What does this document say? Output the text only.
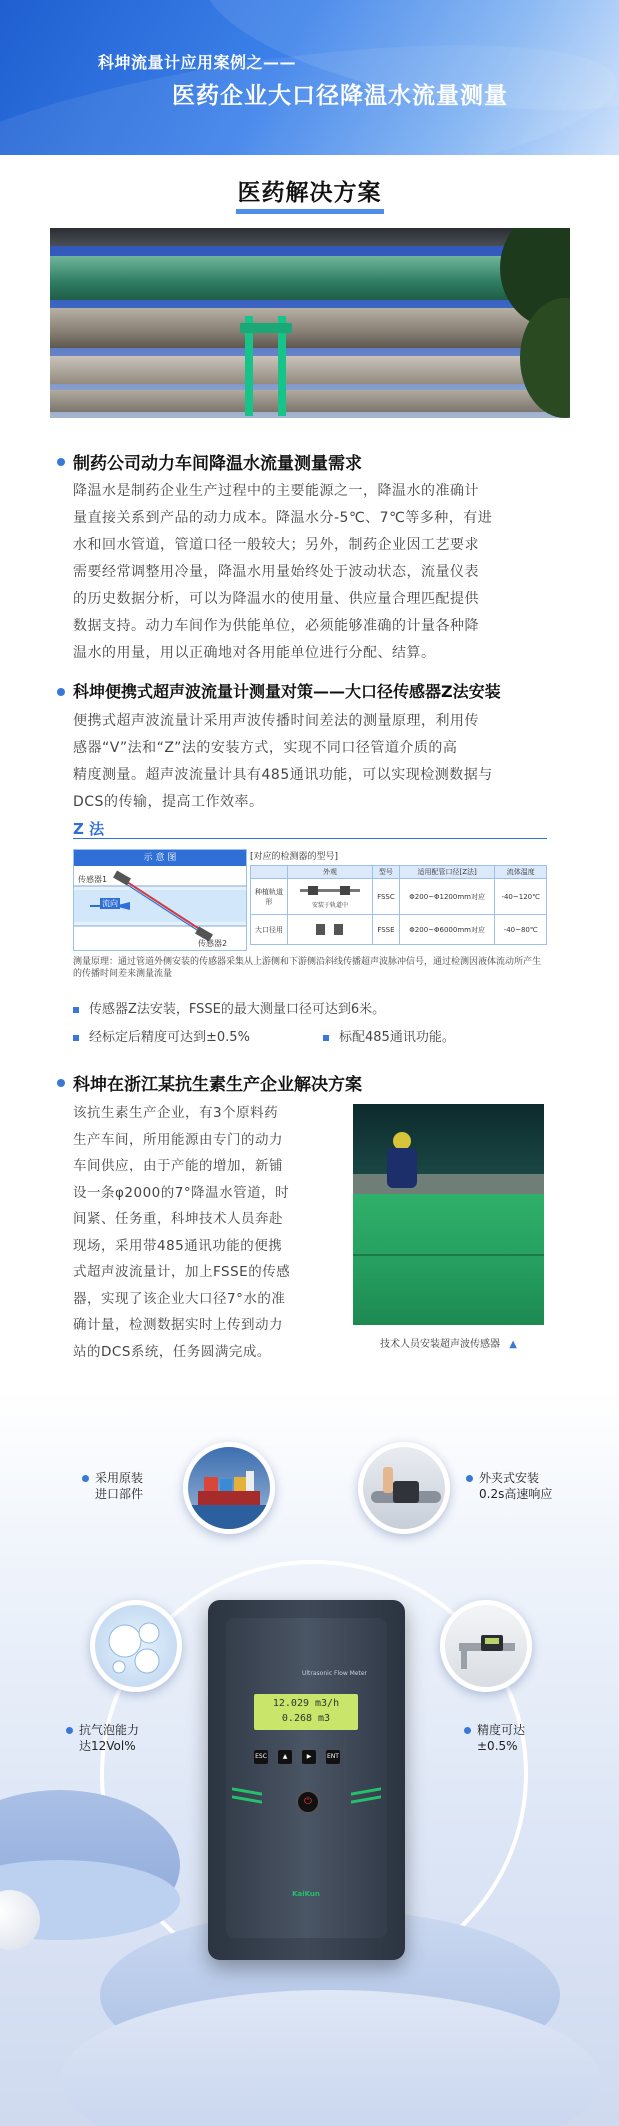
科坤流量计应用案例之——
医药企业大口径降温水流量测量
医药解决方案
制药公司动力车间降温水流量测量需求
降温水是制药企业生产过程中的主要能源之一，降温水的准确计
量直接关系到产品的动力成本。降温水分-5℃、7℃等多种，有进
水和回水管道，管道口径一般较大；另外，制药企业因工艺要求
需要经常调整用冷量，降温水用量始终处于波动状态，流量仪表
的历史数据分析，可以为降温水的使用量、供应量合理匹配提供
数据支持。动力车间作为供能单位，必须能够准确的计量各种降
温水的用量，用以正确地对各用能单位进行分配、结算。
科坤便携式超声波流量计测量对策——大口径传感器Z法安装
便携式超声波流量计采用声波传播时间差法的测量原理，利用传
感器“V”法和“Z”法的安装方式，实现不同口径管道介质的高
精度测量。超声波流量计具有485通讯功能，可以实现检测数据与
DCS的传输，提高工作效率。
Z 法
示 意 图
传感器1
流向
传感器2
[对应的检测器的型号]
	外观	型号	适用配管口径[Z法]	流体温度
种植轨道形	安装于轨道中	FSSC	Φ200~Φ1200mm对应	-40~120℃
大口径用		FSSE	Φ200~Φ6000mm对应	-40~80℃
测量原理：通过管道外侧安装的传感器采集从上游侧和下游侧沿斜线传播超声波脉冲信号，通过检测因液体流动所产生的传播时间差来测量流量
传感器Z法安装，FSSE的最大测量口径可达到6米。
经标定后精度可达到±0.5%	标配485通讯功能。
科坤在浙江某抗生素生产企业解决方案
该抗生素生产企业，有3个原料药
生产车间，所用能源由专门的动力
车间供应，由于产能的增加，新铺
设一条φ2000的7°降温水管道，时
间紧、任务重，科坤技术人员奔赴
现场，采用带485通讯功能的便携
式超声波流量计，加上FSSE的传感
器，实现了该企业大口径7°水的准
确计量，检测数据实时上传到动力
站的DCS系统，任务圆满完成。	技术人员安装超声波传感器 ▲
采用原装
进口部件
外夹式安装
0.2s高速响应
抗气泡能力
达12Vol%
精度可达
±0.5%
Ultrasonic Flow Meter
12.029 m3/h
0.268 m3
ESC	▲	▶	ENT
⏻
KaiKun
